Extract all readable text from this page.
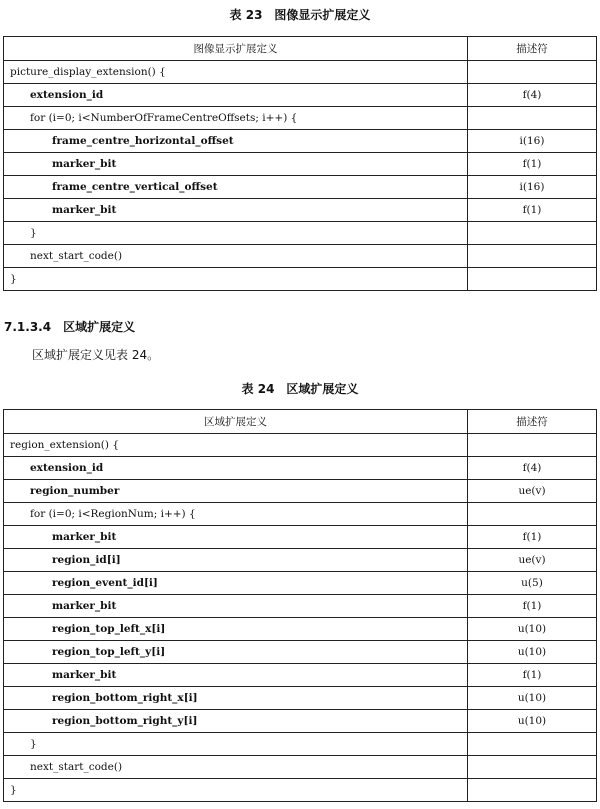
表 23　图像显示扩展定义
图像显示扩展定义	描述符
picture_display_extension() {	
extension_id	f(4)
for (i=0; i<NumberOfFrameCentreOffsets; i++) {	
frame_centre_horizontal_offset	i(16)
marker_bit	f(1)
frame_centre_vertical_offset	i(16)
marker_bit	f(1)
}	
next_start_code()	
}	
7.1.3.4　区域扩展定义
区域扩展定义见表 24。
表 24　区域扩展定义
区域扩展定义	描述符
region_extension() {	
extension_id	f(4)
region_number	ue(v)
for (i=0; i<RegionNum; i++) {	
marker_bit	f(1)
region_id[i]	ue(v)
region_event_id[i]	u(5)
marker_bit	f(1)
region_top_left_x[i]	u(10)
region_top_left_y[i]	u(10)
marker_bit	f(1)
region_bottom_right_x[i]	u(10)
region_bottom_right_y[i]	u(10)
}	
next_start_code()	
}	
